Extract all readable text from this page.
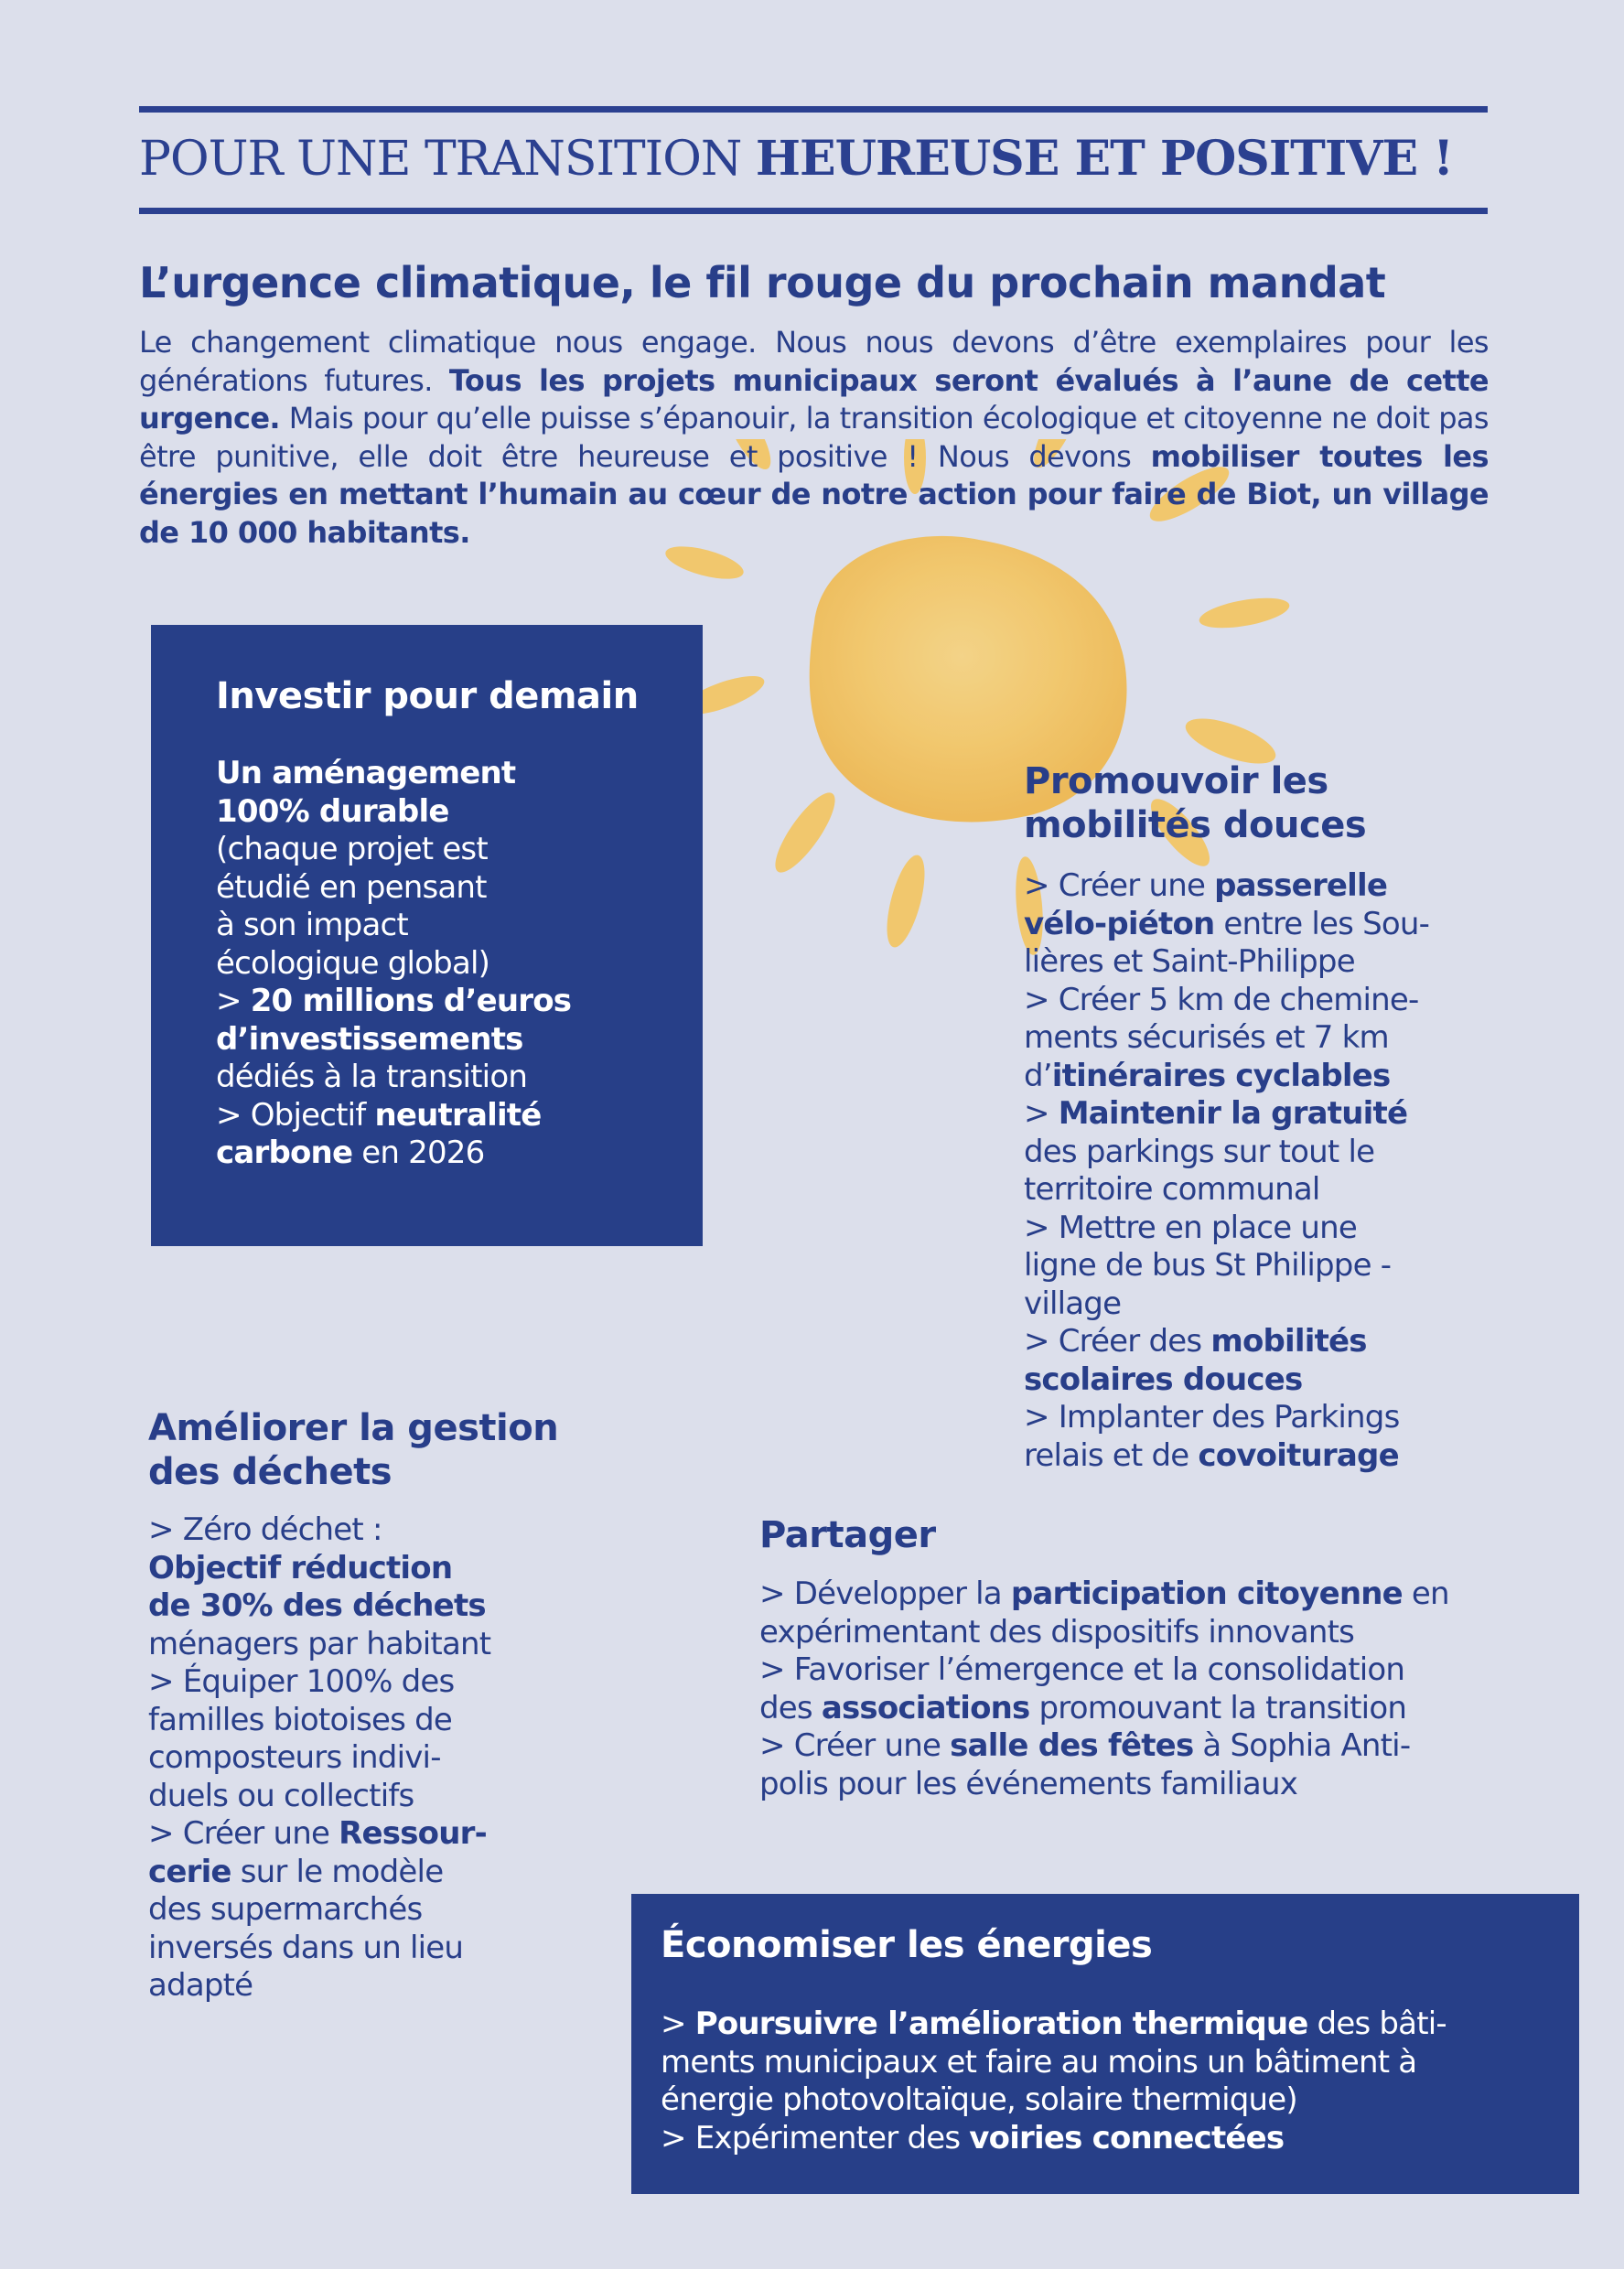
POUR UNE TRANSITION HEUREUSE ET POSITIVE !
L’urgence climatique, le fil rouge du prochain mandat

Le changement climatique nous engage. Nous nous devons d’être exemplaires pour les générations futures. Tous les projets municipaux seront évalués à l’aune de cette urgence. Mais pour qu’elle puisse s’épanouir, la transition écologique et citoyenne ne doit pas être punitive, elle doit être heureuse et positive ! Nous devons mobiliser toutes les énergies en mettant l’humain au cœur de notre action pour faire de Biot, un village de 10 000 habitants.

Investir pour demain

Un aménagement
100% durable
(chaque projet est
étudié en pensant
à son impact
écologique global)
> 20 millions d’euros
d’investissements
dédiés à la transition
> Objectif neutralité
carbone en 2026

Promouvoir les
mobilités douces

> Créer une passerelle
vélo-piéton entre les Sou-
lières et Saint-Philippe
> Créer 5 km de chemine-
ments sécurisés et 7 km
d’itinéraires cyclables
> Maintenir la gratuité
des parkings sur tout le
territoire communal
> Mettre en place une
ligne de bus St Philippe -
village
> Créer des mobilités
scolaires douces
> Implanter des Parkings
relais et de covoiturage

Améliorer la gestion
des déchets

> Zéro déchet :
Objectif réduction
de 30% des déchets
ménagers par habitant
> Équiper 100% des
familles biotoises de
composteurs indivi-
duels ou collectifs
> Créer une Ressour-
cerie sur le modèle
des supermarchés
inversés dans un lieu
adapté

Partager

> Développer la participation citoyenne en
expérimentant des dispositifs innovants
> Favoriser l’émergence et la consolidation
des associations promouvant la transition
> Créer une salle des fêtes à Sophia Anti-
polis pour les événements familiaux

Économiser les énergies

> Poursuivre l’amélioration thermique des bâti-
ments municipaux et faire au moins un bâtiment à
énergie photovoltaïque, solaire thermique)
> Expérimenter des voiries connectées
